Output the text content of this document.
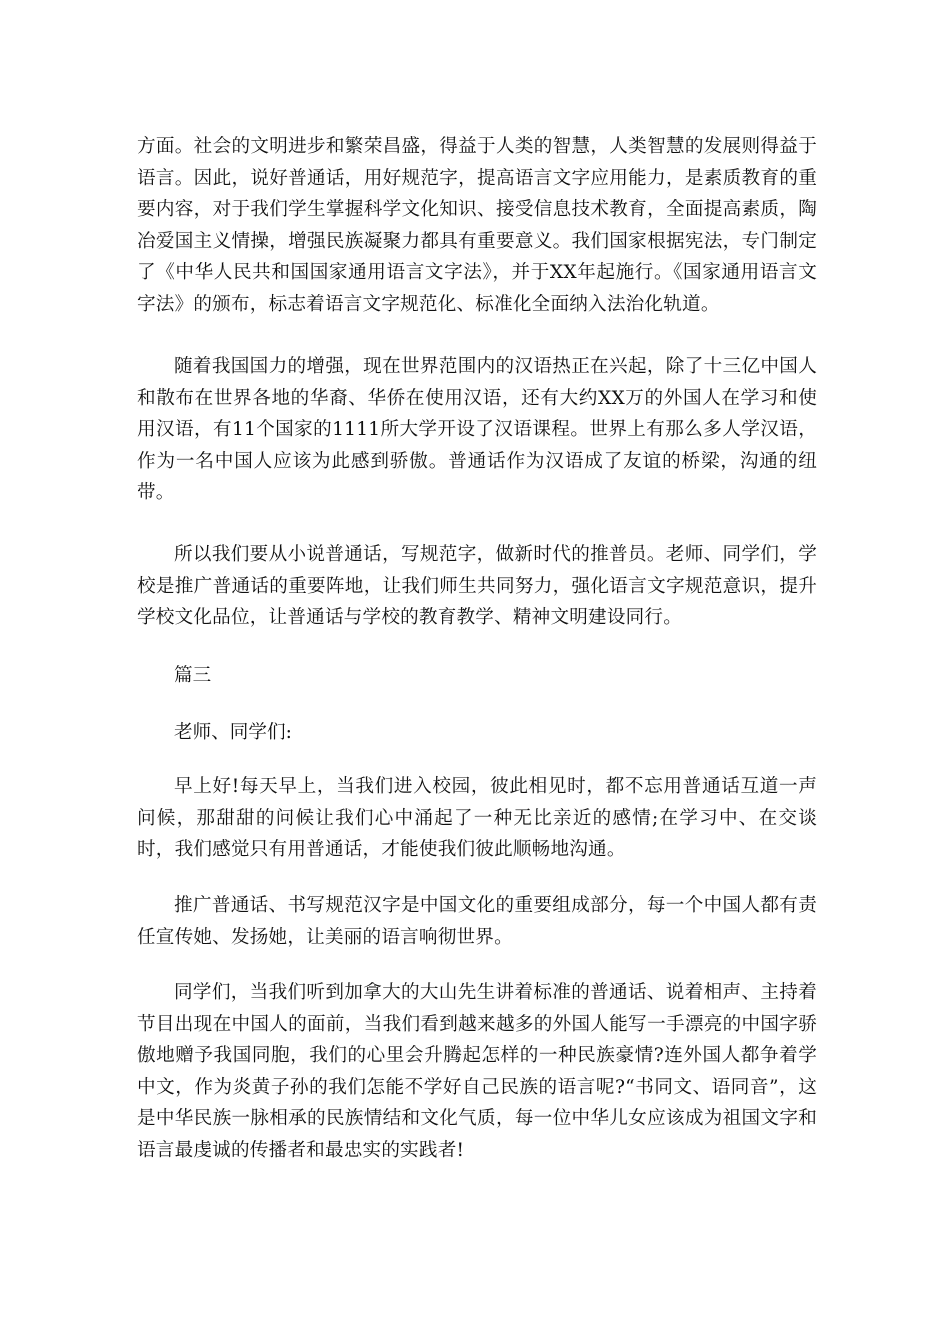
方面。社会的文明进步和繁荣昌盛，得益于人类的智慧，人类智慧的发展则得益于语言。因此，说好普通话，用好规范字，提高语言文字应用能力，是素质教育的重要内容，对于我们学生掌握科学文化知识、接受信息技术教育，全面提高素质，陶冶爱国主义情操，增强民族凝聚力都具有重要意义。我们国家根据宪法，专门制定了《中华人民共和国国家通用语言文字法》，并于XX年起施行。《国家通用语言文字法》的颁布，标志着语言文字规范化、标准化全面纳入法治化轨道。

随着我国国力的增强，现在世界范围内的汉语热正在兴起，除了十三亿中国人和散布在世界各地的华裔、华侨在使用汉语，还有大约XX万的外国人在学习和使用汉语，有11个国家的1111所大学开设了汉语课程。世界上有那么多人学汉语，作为一名中国人应该为此感到骄傲。普通话作为汉语成了友谊的桥梁，沟通的纽带。

所以我们要从小说普通话，写规范字，做新时代的推普员。老师、同学们，学校是推广普通话的重要阵地，让我们师生共同努力，强化语言文字规范意识，提升学校文化品位，让普通话与学校的教育教学、精神文明建设同行。

篇三

老师、同学们:

早上好!每天早上，当我们进入校园，彼此相见时，都不忘用普通话互道一声问候，那甜甜的问候让我们心中涌起了一种无比亲近的感情;在学习中、在交谈时，我们感觉只有用普通话，才能使我们彼此顺畅地沟通。

推广普通话、书写规范汉字是中国文化的重要组成部分，每一个中国人都有责任宣传她、发扬她，让美丽的语言响彻世界。

同学们，当我们听到加拿大的大山先生讲着标准的普通话、说着相声、主持着节目出现在中国人的面前，当我们看到越来越多的外国人能写一手漂亮的中国字骄傲地赠予我国同胞，我们的心里会升腾起怎样的一种民族豪情?连外国人都争着学中文，作为炎黄子孙的我们怎能不学好自己民族的语言呢?“书同文、语同音”，这是中华民族一脉相承的民族情结和文化气质，每一位中华儿女应该成为祖国文字和语言最虔诚的传播者和最忠实的实践者!
